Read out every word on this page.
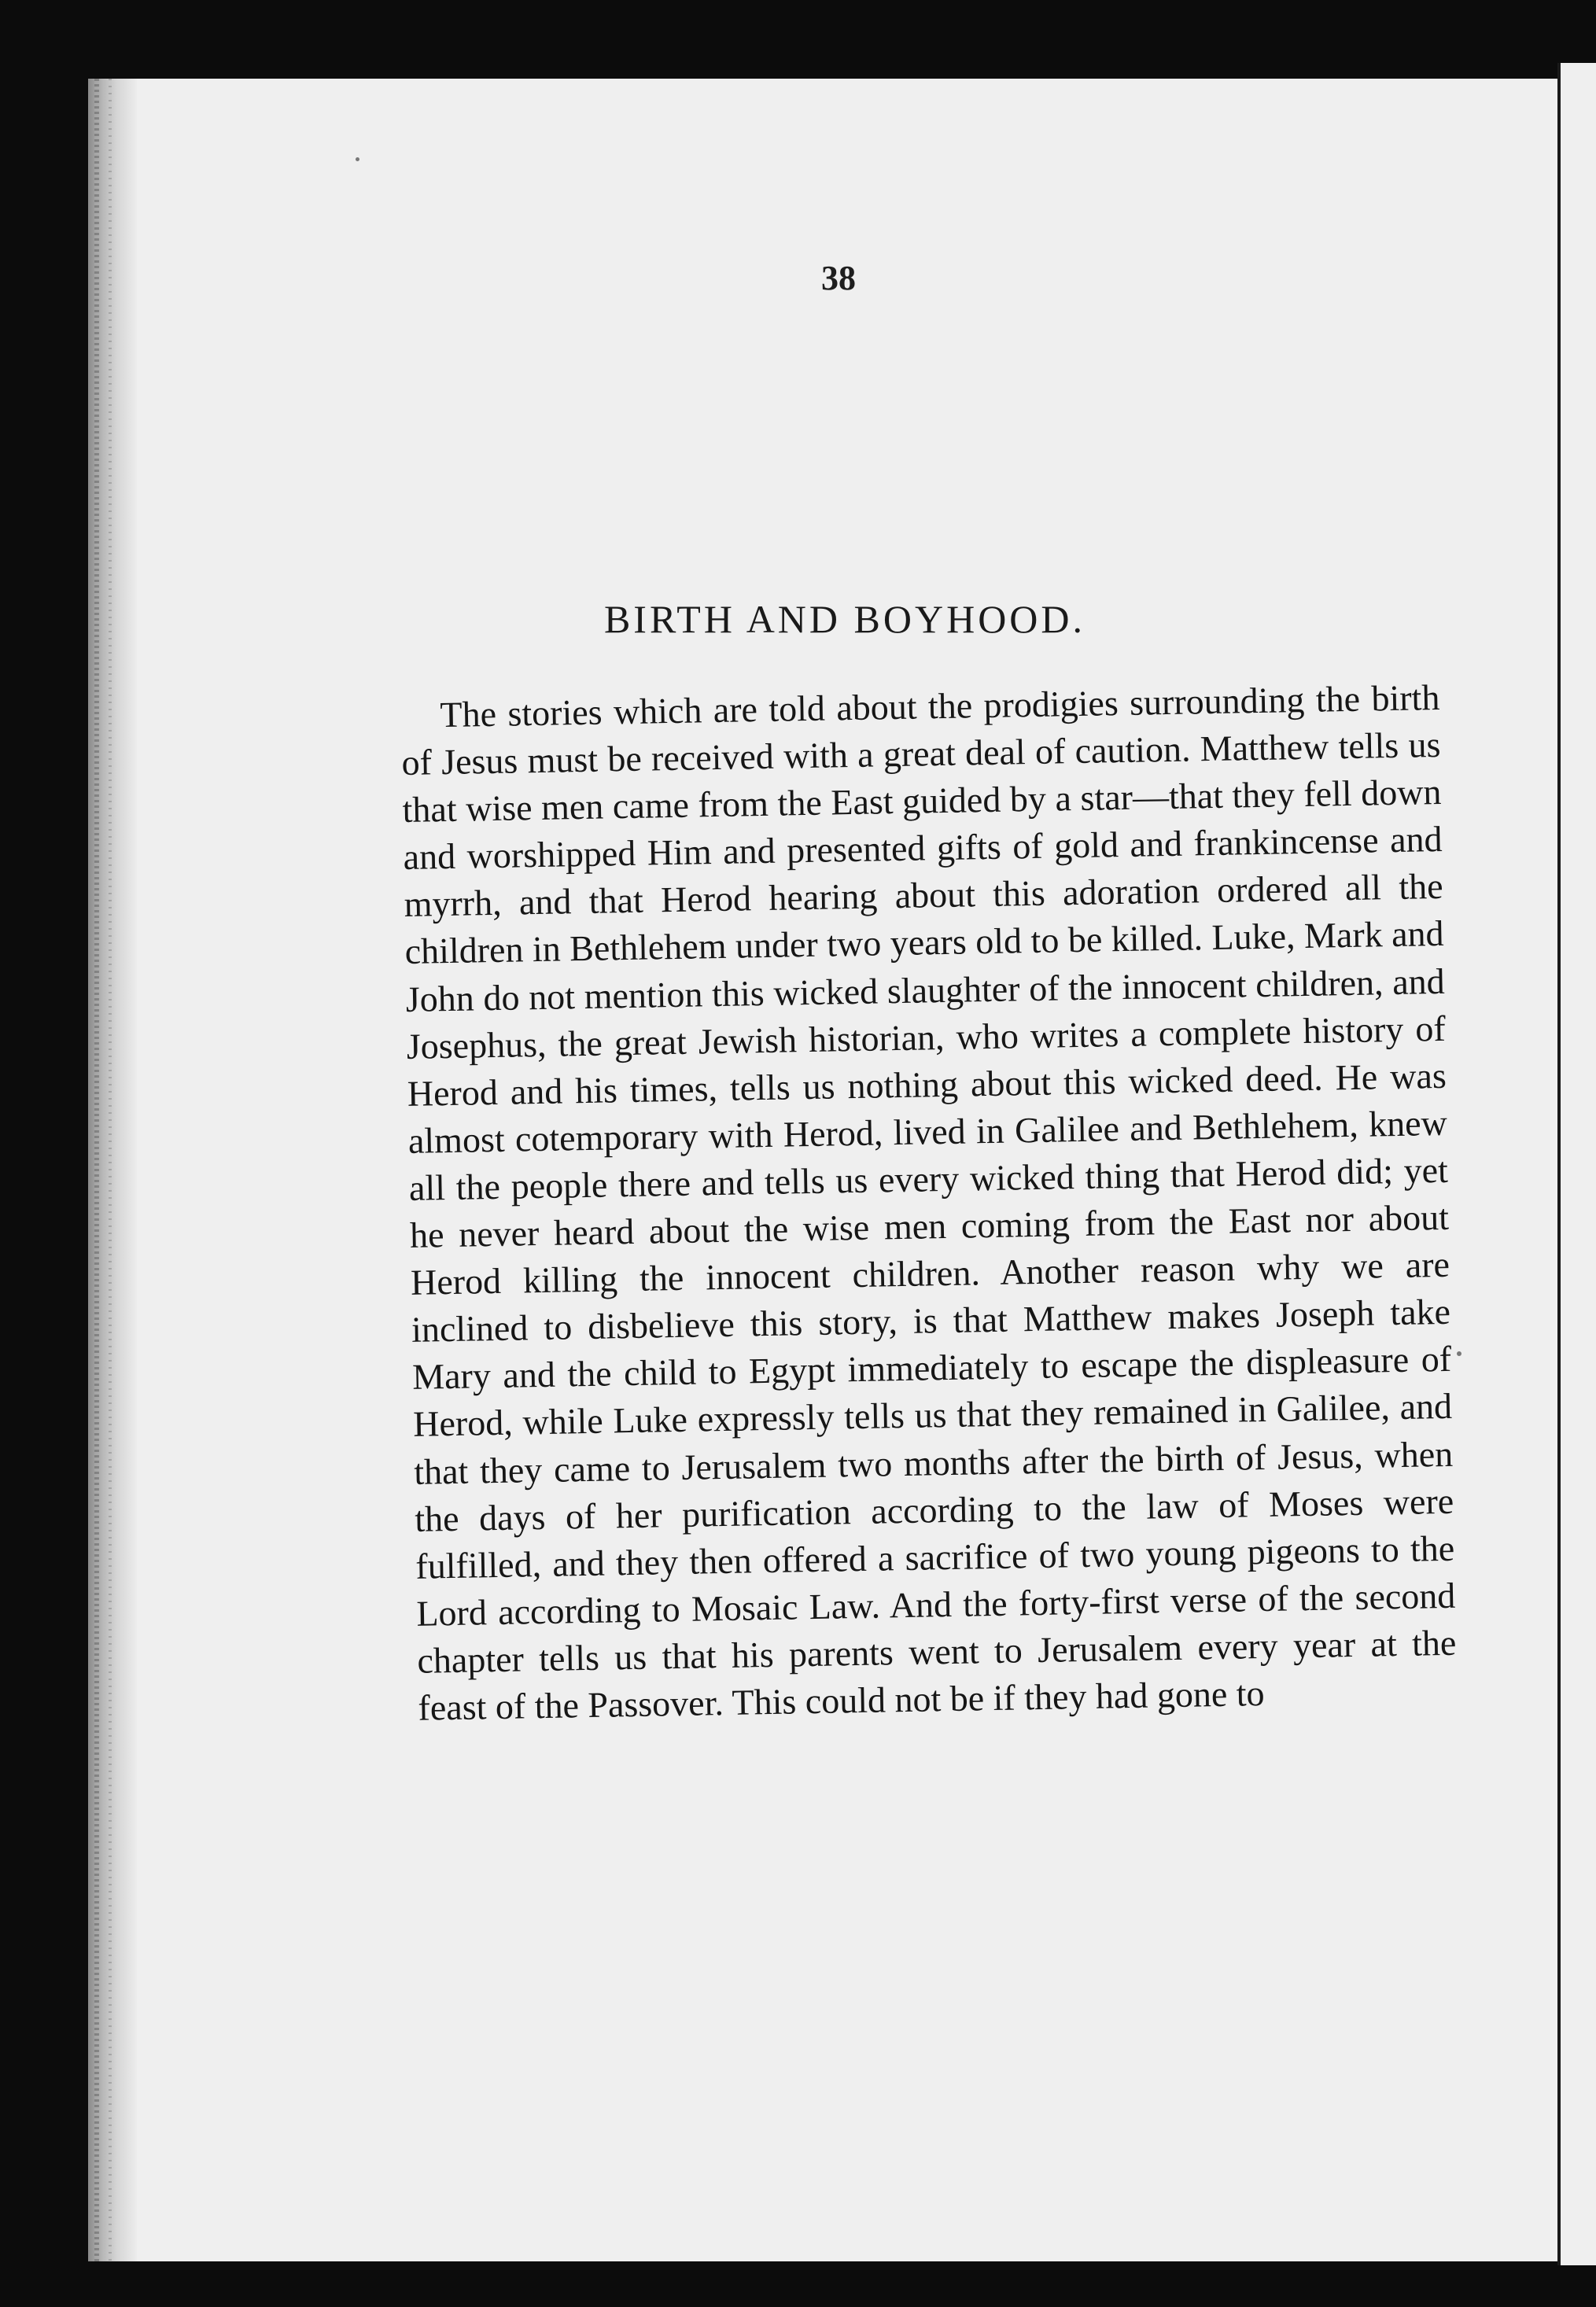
38
BIRTH AND BOYHOOD.

The stories which are told about the prodigies surrounding the birth of Jesus must be received with a great deal of caution. Matthew tells us that wise men came from the East guided by a star—that they fell down and worshipped Him and presented gifts of gold and frankincense and myrrh, and that Herod hearing about this adoration ordered all the children in Bethlehem under two years old to be killed. Luke, Mark and John do not mention this wicked slaughter of the innocent children, and Josephus, the great Jewish historian, who writes a complete history of Herod and his times, tells us nothing about this wicked deed. He was almost cotemporary with Herod, lived in Galilee and Bethlehem, knew all the people there and tells us every wicked thing that Herod did; yet he never heard about the wise men coming from the East nor about Herod killing the innocent children. Another reason why we are inclined to disbelieve this story, is that Matthew makes Joseph take Mary and the child to Egypt immediately to escape the displeasure of Herod, while Luke expressly tells us that they remained in Galilee, and that they came to Jerusalem two months after the birth of Jesus, when the days of her purification according to the law of Moses were fulfilled, and they then offered a sacrifice of two young pigeons to the Lord according to Mosaic Law. And the forty-first verse of the second chapter tells us that his parents went to Jerusalem every year at the feast of the Passover. This could not be if they had gone to
